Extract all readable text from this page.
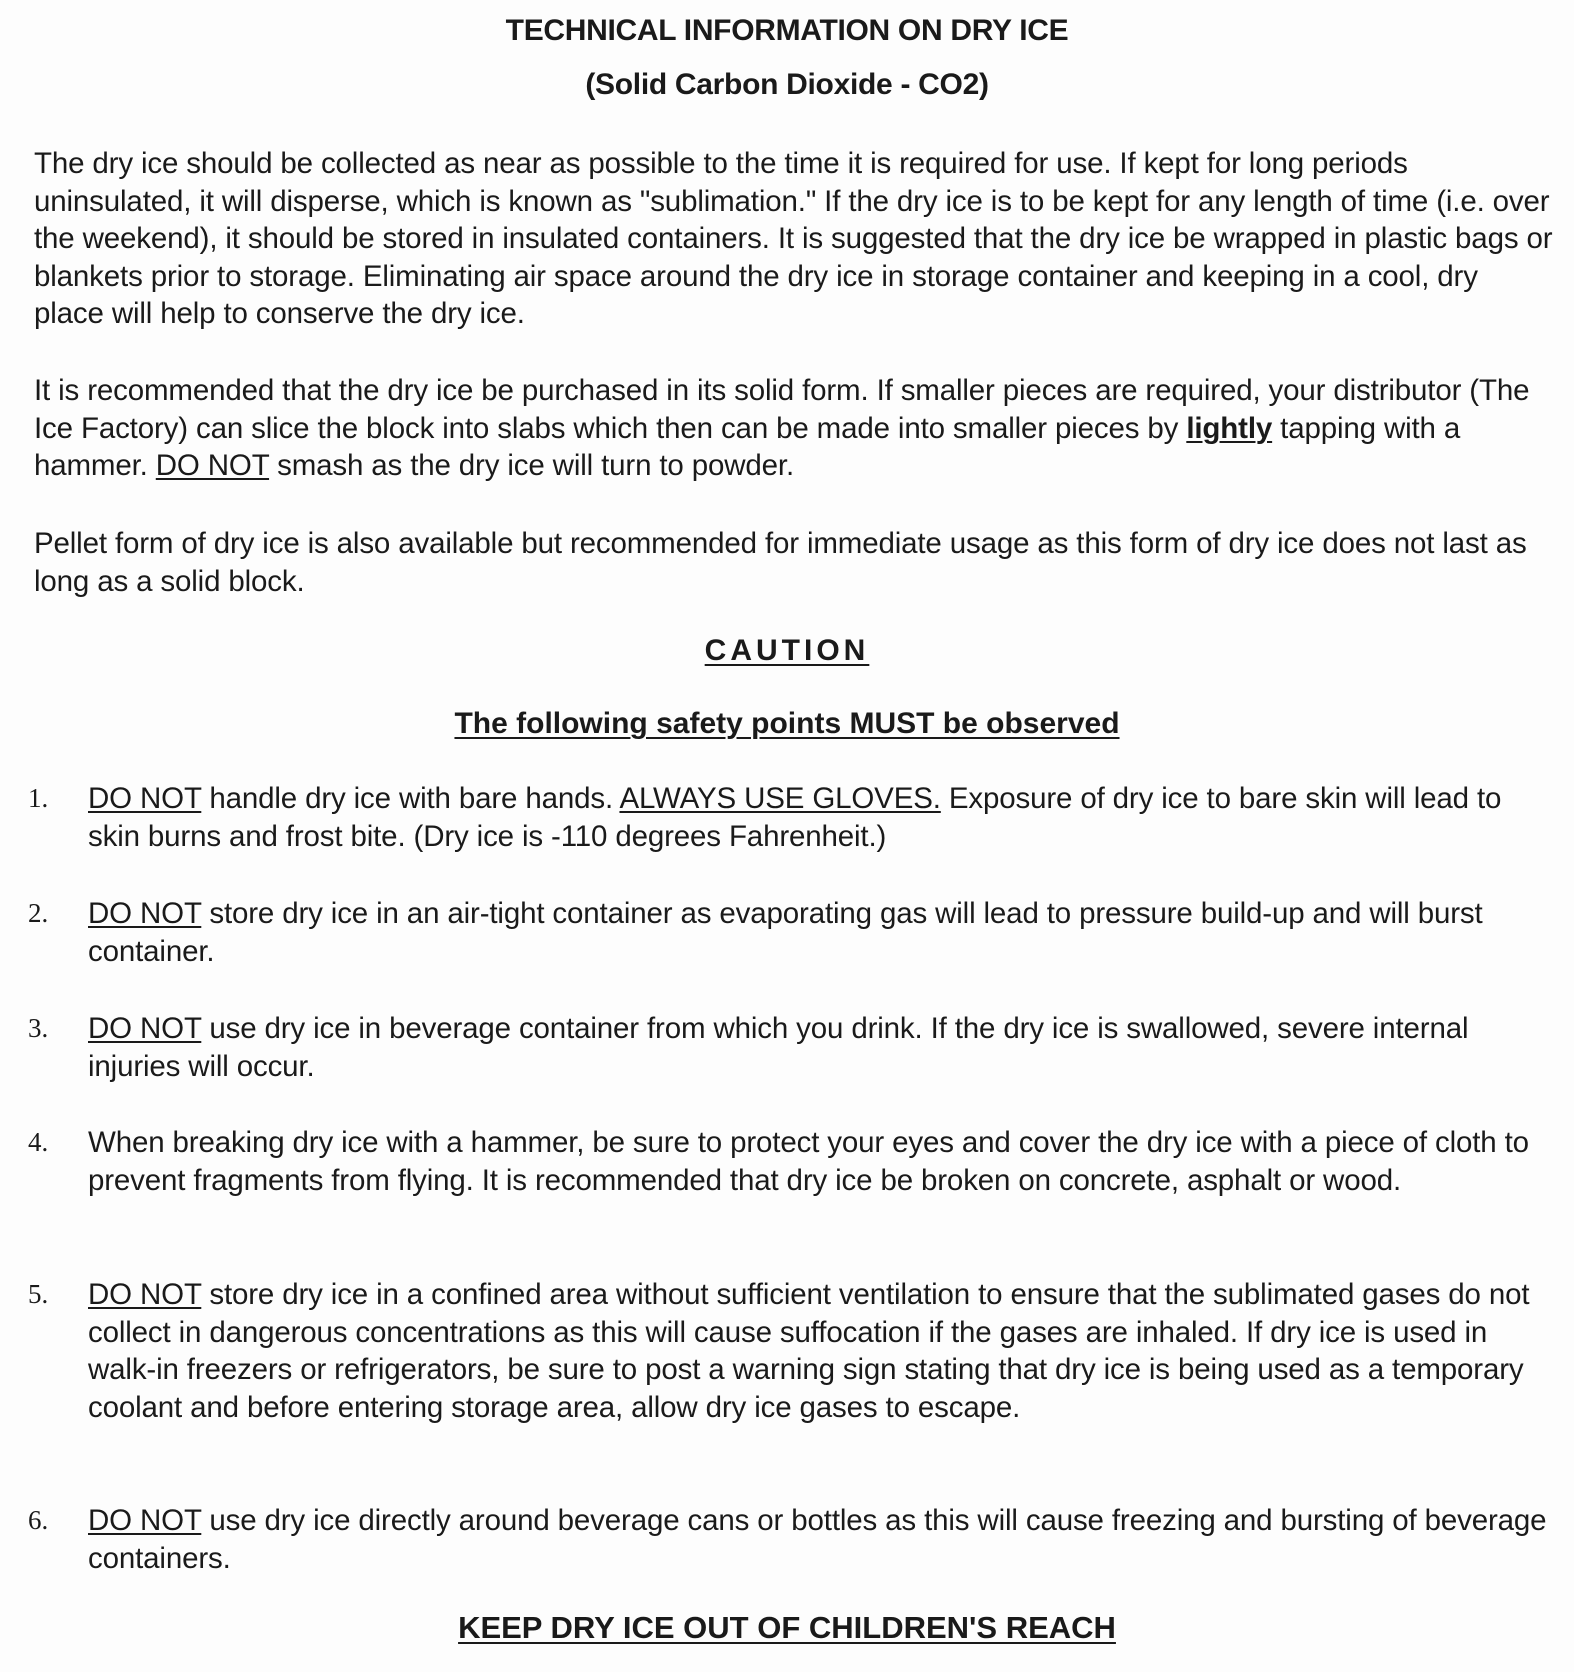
TECHNICAL INFORMATION ON DRY ICE
(Solid Carbon Dioxide - CO2)
The dry ice should be collected as near as possible to the time it is required for use. If kept for long periods uninsulated, it will disperse, which is known as "sublimation." If the dry ice is to be kept for any length of time (i.e. over the weekend), it should be stored in insulated containers. It is suggested that the dry ice be wrapped in plastic bags or blankets prior to storage. Eliminating air space around the dry ice in storage container and keeping in a cool, dry place will help to conserve the dry ice.
It is recommended that the dry ice be purchased in its solid form. If smaller pieces are required, your distributor (The Ice Factory) can slice the block into slabs which then can be made into smaller pieces by lightly tapping with a hammer. DO NOT smash as the dry ice will turn to powder.
Pellet form of dry ice is also available but recommended for immediate usage as this form of dry ice does not last as long as a solid block.
CAUTION
The following safety points MUST be observed
1. DO NOT handle dry ice with bare hands. ALWAYS USE GLOVES. Exposure of dry ice to bare skin will lead to skin burns and frost bite. (Dry ice is -110 degrees Fahrenheit.)
2. DO NOT store dry ice in an air-tight container as evaporating gas will lead to pressure build-up and will burst container.
3. DO NOT use dry ice in beverage container from which you drink. If the dry ice is swallowed, severe internal injuries will occur.
4. When breaking dry ice with a hammer, be sure to protect your eyes and cover the dry ice with a piece of cloth to prevent fragments from flying. It is recommended that dry ice be broken on concrete, asphalt or wood.
5. DO NOT store dry ice in a confined area without sufficient ventilation to ensure that the sublimated gases do not collect in dangerous concentrations as this will cause suffocation if the gases are inhaled. If dry ice is used in walk-in freezers or refrigerators, be sure to post a warning sign stating that dry ice is being used as a temporary coolant and before entering storage area, allow dry ice gases to escape.
6. DO NOT use dry ice directly around beverage cans or bottles as this will cause freezing and bursting of beverage containers.
KEEP DRY ICE OUT OF CHILDREN'S REACH
